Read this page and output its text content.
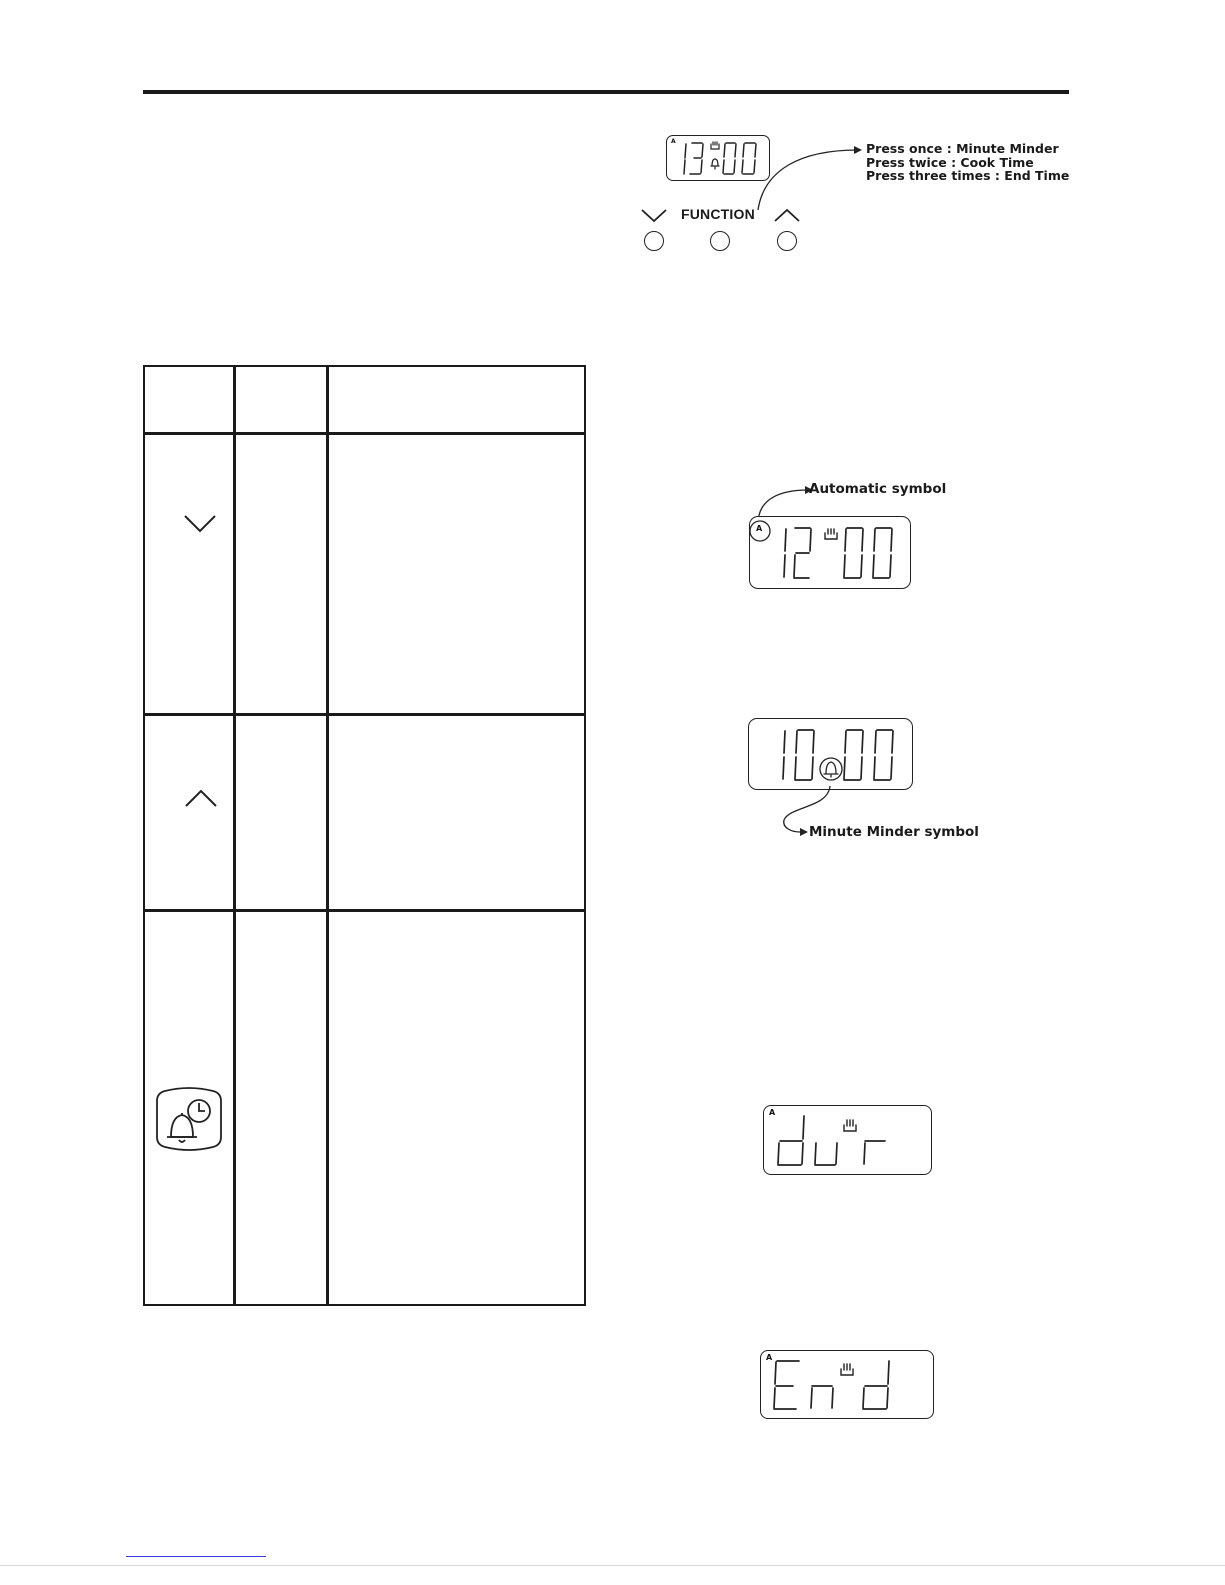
A	Press once : Minute Minder
Press twice : Cook Time
Press three times : End Time
FUNCTION
Automatic symbol
A
Minute Minder symbol
A
A
